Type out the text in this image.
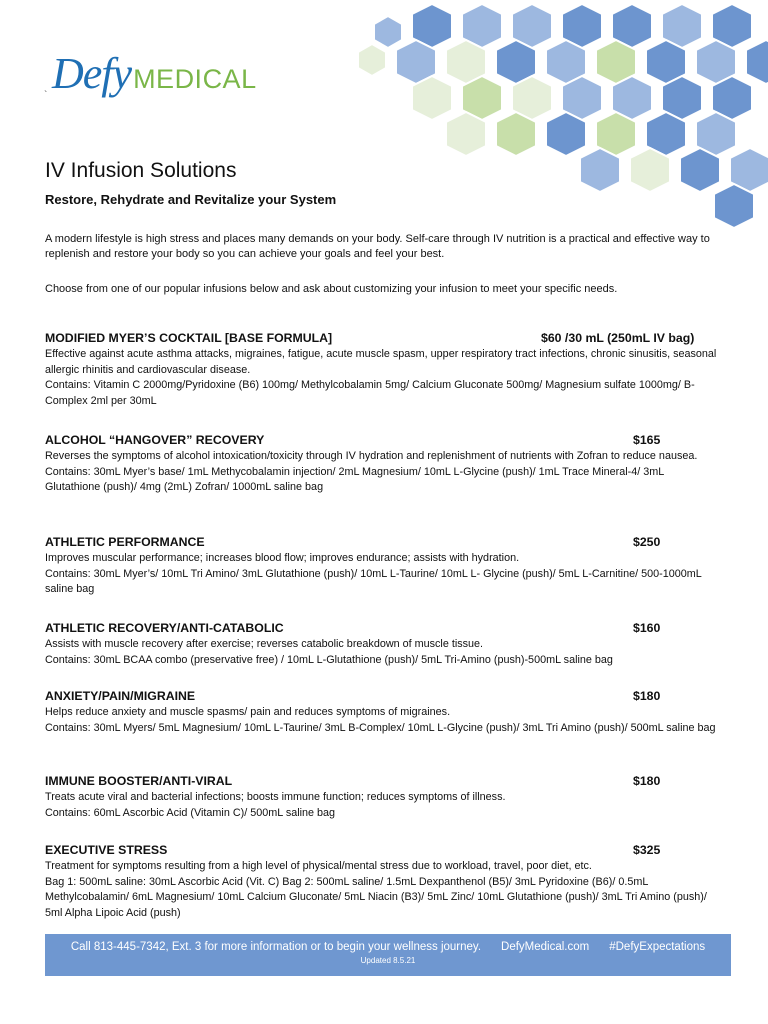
DefyMEDICAL
`
IV Infusion Solutions
Restore, Rehydrate and Revitalize your System

A modern lifestyle is high stress and places many demands on your body. Self-care through IV nutrition is a practical and effective way to replenish and restore your body so you can achieve your goals and feel your best.

Choose from one of our popular infusions below and ask about customizing your infusion to meet your specific needs.

MODIFIED MYER’S COCKTAIL [BASE FORMULA]	$60 /30 mL (250mL IV bag)

Effective against acute asthma attacks, migraines, fatigue, acute muscle spasm, upper respiratory tract infections, chronic sinusitis, seasonal allergic rhinitis and cardiovascular disease.

Contains: Vitamin C 2000mg/Pyridoxine (B6) 100mg/ Methylcobalamin 5mg/ Calcium Gluconate 500mg/ Magnesium sulfate 1000mg/ B-Complex 2ml per 30mL

ALCOHOL “HANGOVER” RECOVERY	$165

Reverses the symptoms of alcohol intoxication/toxicity through IV hydration and replenishment of nutrients with Zofran to reduce nausea.

Contains: 30mL Myer’s base/ 1mL Methycobalamin injection/ 2mL Magnesium/ 10mL L-Glycine (push)/ 1mL Trace Mineral-4/ 3mL Glutathione (push)/ 4mg (2mL) Zofran/ 1000mL saline bag

ATHLETIC PERFORMANCE	$250

Improves muscular performance; increases blood flow; improves endurance; assists with hydration.

Contains: 30mL Myer’s/ 10mL Tri Amino/ 3mL Glutathione (push)/ 10mL L-Taurine/ 10mL L- Glycine (push)/ 5mL L-Carnitine/ 500-1000mL saline bag

ATHLETIC RECOVERY/ANTI-CATABOLIC	$160

Assists with muscle recovery after exercise; reverses catabolic breakdown of muscle tissue.

Contains: 30mL BCAA combo (preservative free) / 10mL L-Glutathione (push)/ 5mL Tri-Amino (push)-500mL saline bag

ANXIETY/PAIN/MIGRAINE	$180

Helps reduce anxiety and muscle spasms/ pain and reduces symptoms of migraines.

Contains: 30mL Myers/ 5mL Magnesium/ 10mL L-Taurine/ 3mL B-Complex/ 10mL L-Glycine (push)/ 3mL Tri Amino (push)/ 500mL saline bag

IMMUNE BOOSTER/ANTI-VIRAL	$180

Treats acute viral and bacterial infections; boosts immune function; reduces symptoms of illness.

Contains: 60mL Ascorbic Acid (Vitamin C)/ 500mL saline bag

EXECUTIVE STRESS	$325

Treatment for symptoms resulting from a high level of physical/mental stress due to workload, travel, poor diet, etc.

Bag 1: 500mL saline: 30mL Ascorbic Acid (Vit. C) Bag 2: 500mL saline/ 1.5mL Dexpanthenol (B5)/ 3mL Pyridoxine (B6)/ 0.5mL Methylcobalamin/ 6mL Magnesium/ 10mL Calcium Gluconate/ 5mL Niacin (B3)/ 5mL Zinc/ 10mL Glutathione (push)/ 3mL Tri Amino (push)/ 5ml Alpha Lipoic Acid (push)

Call 813-445-7342, Ext. 3 for more information or to begin your wellness journey. DefyMedical.com #DefyExpectations
Updated 8.5.21
